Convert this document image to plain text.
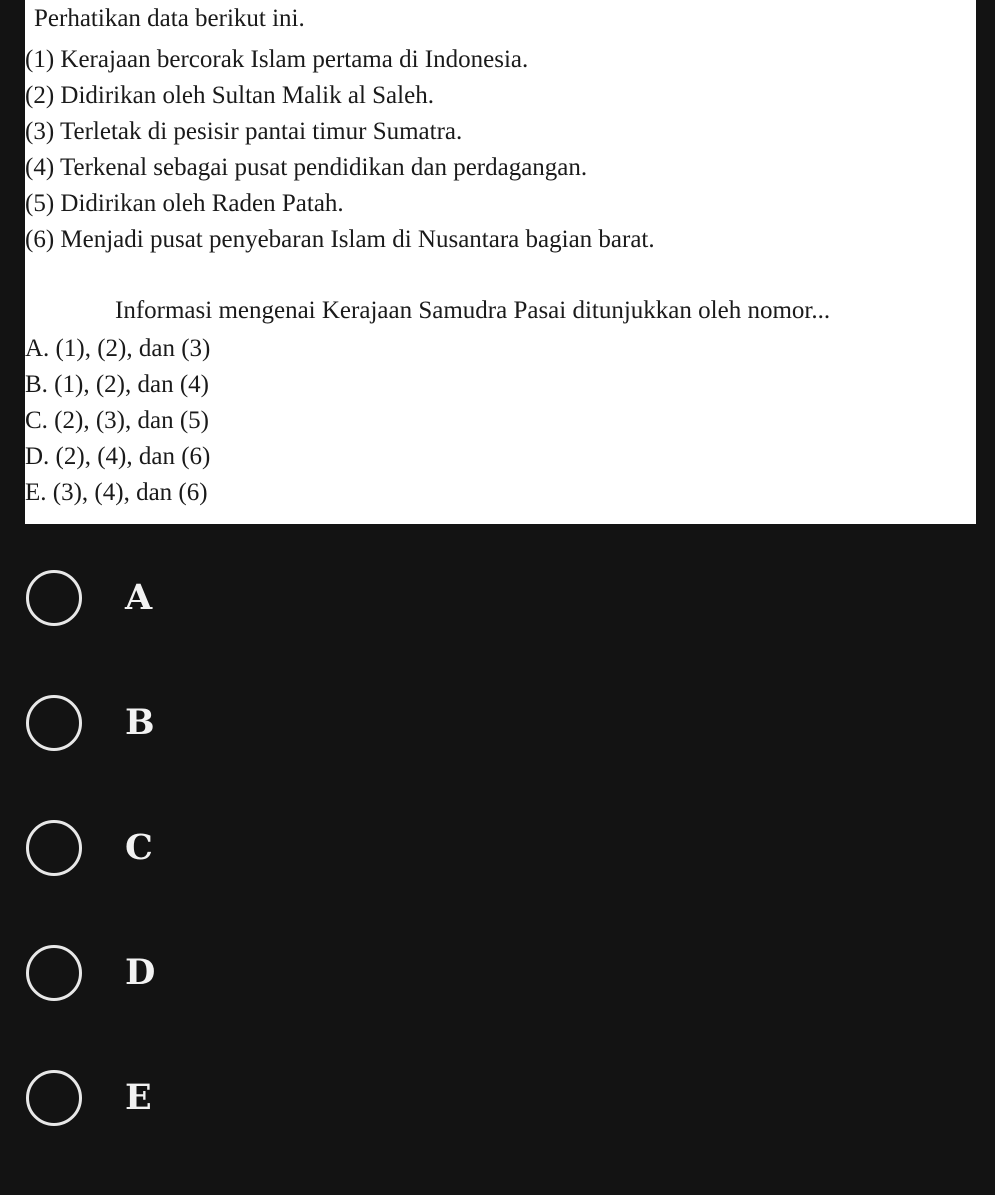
Perhatikan data berikut ini.
(1) Kerajaan bercorak Islam pertama di Indonesia.
(2) Didirikan oleh Sultan Malik al Saleh.
(3) Terletak di pesisir pantai timur Sumatra.
(4) Terkenal sebagai pusat pendidikan dan perdagangan.
(5) Didirikan oleh Raden Patah.
(6) Menjadi pusat penyebaran Islam di Nusantara bagian barat.
Informasi mengenai Kerajaan Samudra Pasai ditunjukkan oleh nomor...
A. (1), (2), dan (3)
B. (1), (2), dan (4)
C. (2), (3), dan (5)
D. (2), (4), dan (6)
E. (3), (4), dan (6)
A
B
C
D
E
